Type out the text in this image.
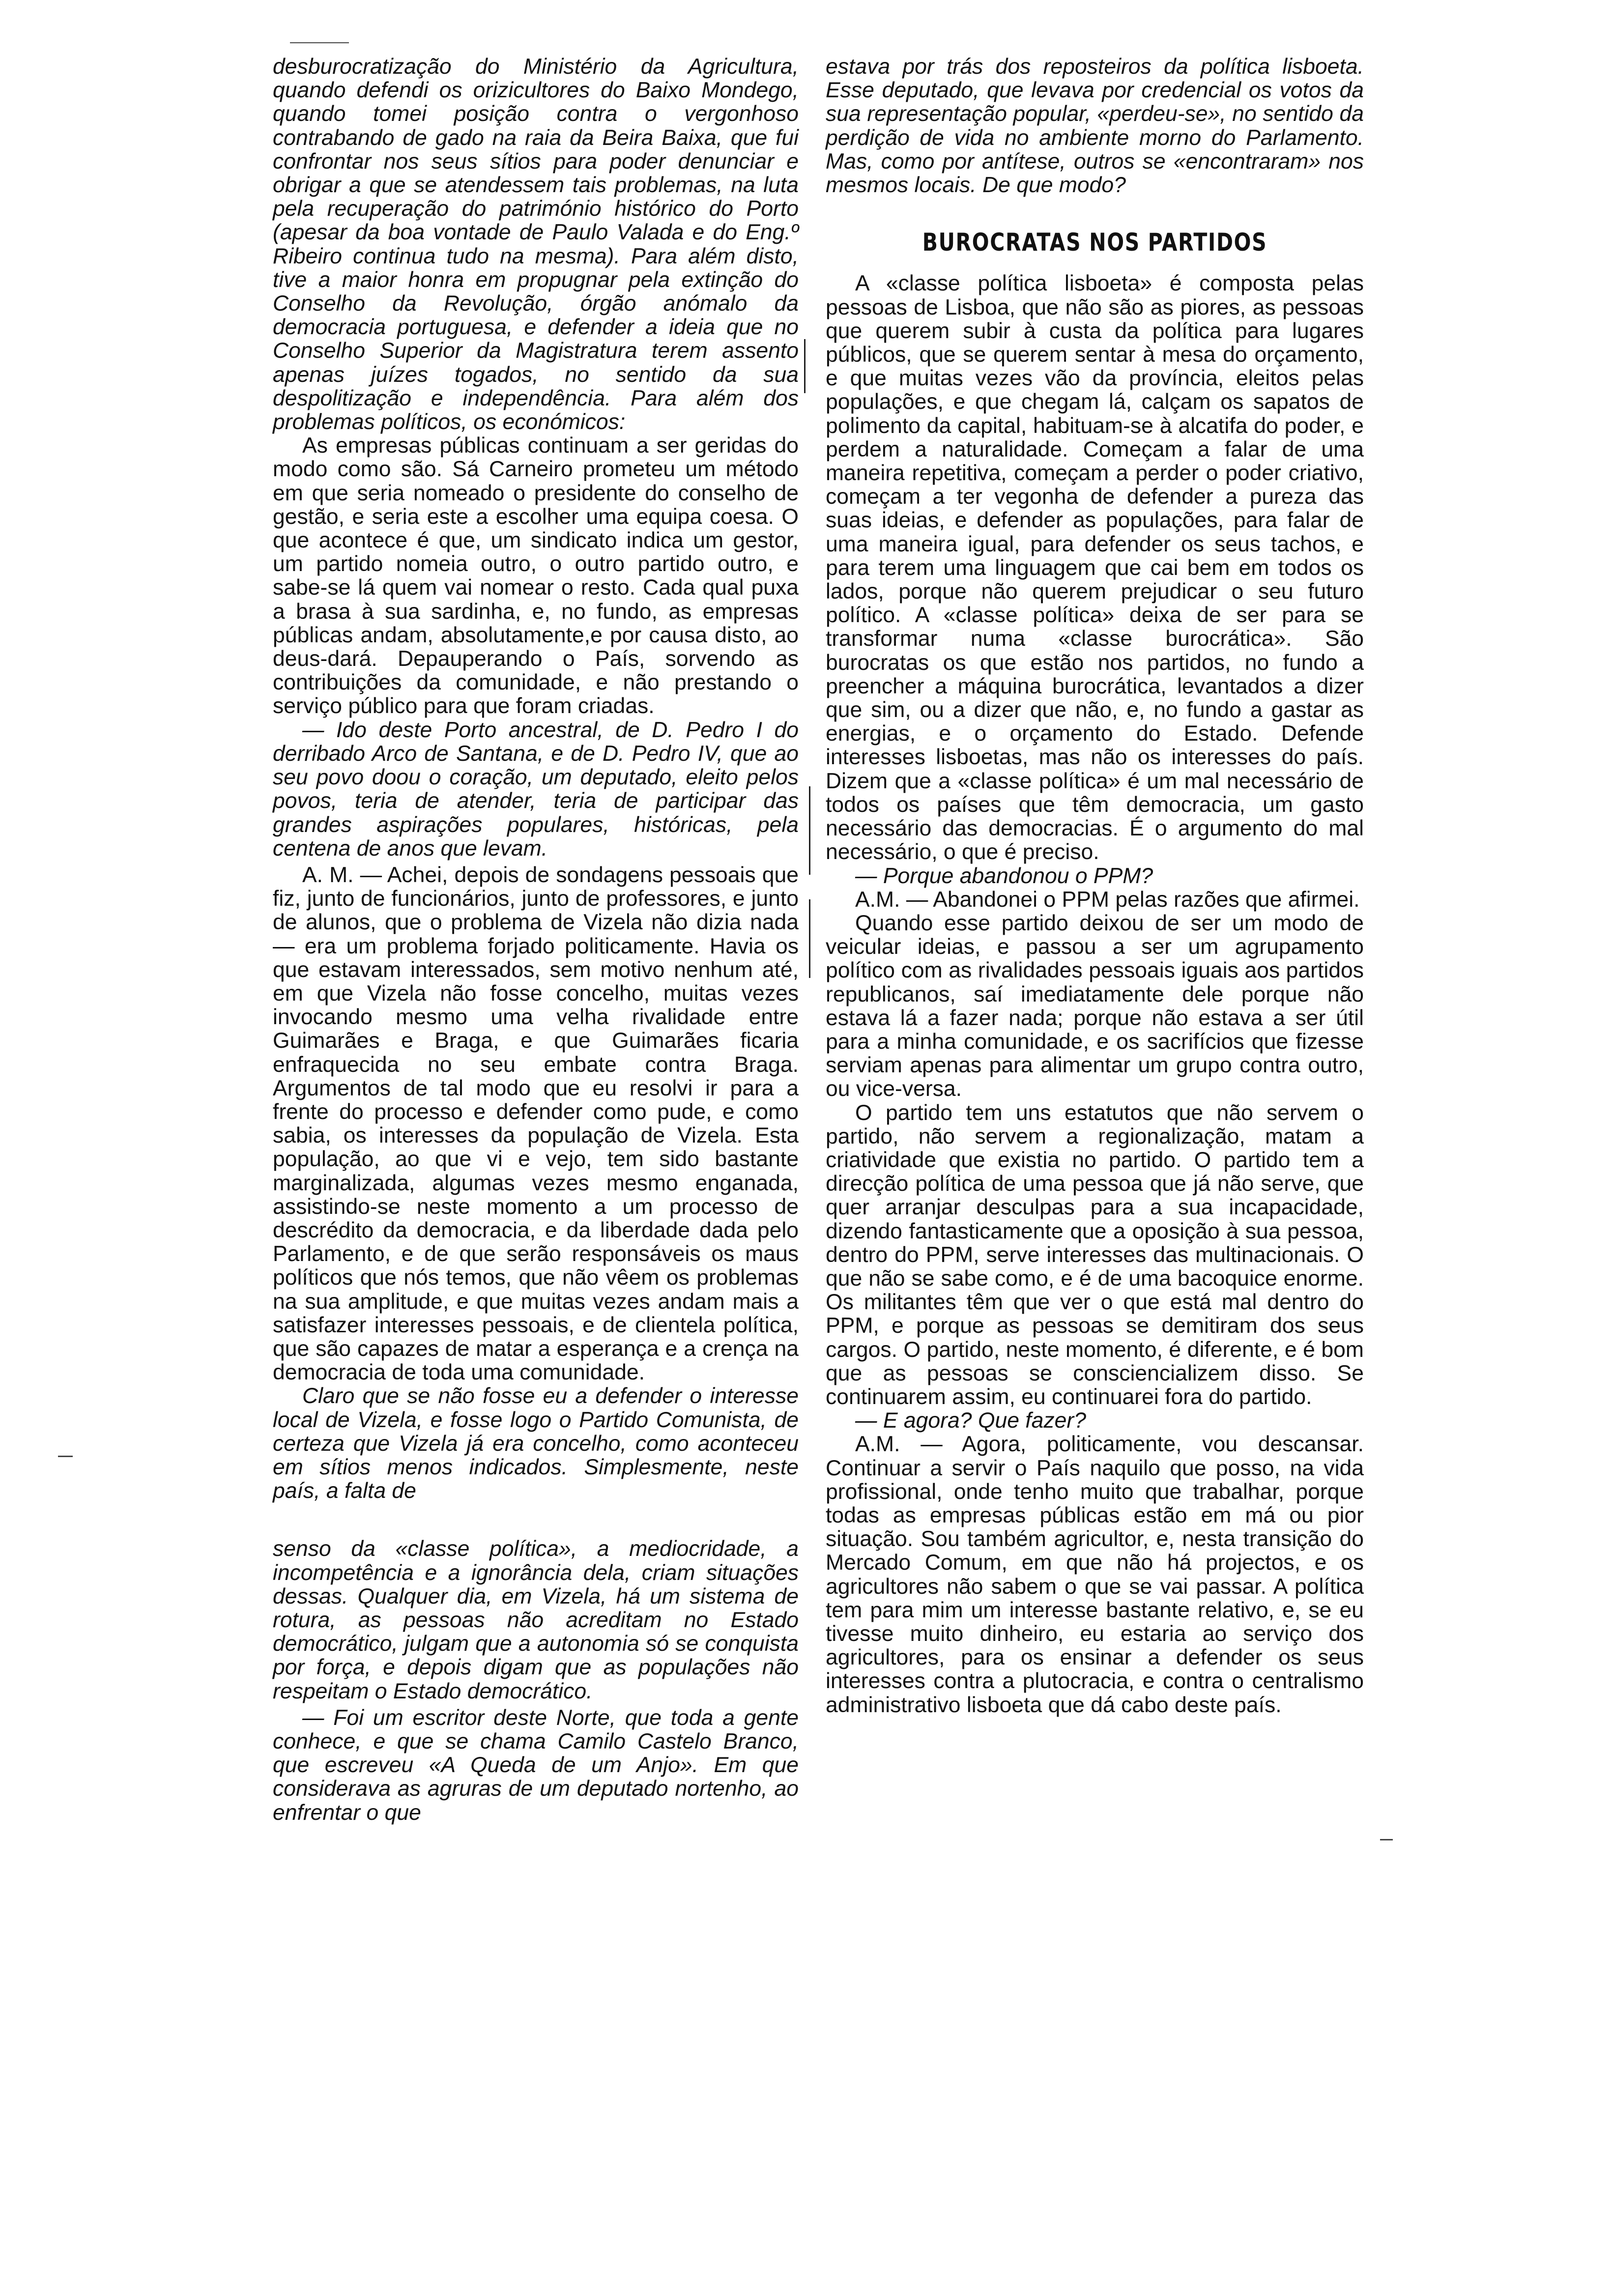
desburocratização do Ministério da Agricultura, quando defendi os orizicultores do Baixo Mondego, quando tomei posição contra o vergonhoso contrabando de gado na raia da Beira Baixa, que fui confrontar nos seus sítios para poder denunciar e obrigar a que se atendessem tais problemas, na luta pela recuperação do património histórico do Porto (apesar da boa vontade de Paulo Valada e do Eng.º Ribeiro continua tudo na mesma). Para além disto, tive a maior honra em propugnar pela extinção do Conselho da Revolução, órgão anómalo da democracia portuguesa, e defender a ideia que no Conselho Superior da Magistratura terem assento apenas juízes togados, no sentido da sua despolitização e independência. Para além dos problemas políticos, os económicos:

As empresas públicas continuam a ser geridas do modo como são. Sá Carneiro prometeu um método em que seria nomeado o presidente do conselho de gestão, e seria este a escolher uma equipa coesa. O que acontece é que, um sindicato indica um gestor, um partido nomeia outro, o outro partido outro, e sabe-se lá quem vai nomear o resto. Cada qual puxa a brasa à sua sardinha, e, no fundo, as empresas públicas andam, absolutamente,e por causa disto, ao deus-dará. Depauperando o País, sorvendo as contribuições da comunidade, e não prestando o serviço público para que foram criadas.

— Ido deste Porto ancestral, de D. Pedro I do derribado Arco de Santana, e de D. Pedro IV, que ao seu povo doou o coração, um deputado, eleito pelos povos, teria de atender, teria de participar das grandes aspirações populares, históricas, pela centena de anos que levam.

A. M. — Achei, depois de sondagens pessoais que fiz, junto de funcionários, junto de professores, e junto de alunos, que o problema de Vizela não dizia nada — era um problema forjado politicamente. Havia os que estavam interessados, sem motivo nenhum até, em que Vizela não fosse concelho, muitas vezes invocando mesmo uma velha rivalidade entre Guimarães e Braga, e que Guimarães ficaria enfraquecida no seu embate contra Braga. Argumentos de tal modo que eu resolvi ir para a frente do processo e defender como pude, e como sabia, os interesses da população de Vizela. Esta população, ao que vi e vejo, tem sido bastante marginalizada, algumas vezes mesmo enganada, assistindo-se neste momento a um processo de descrédito da democracia, e da liberdade dada pelo Parlamento, e de que serão responsáveis os maus políticos que nós temos, que não vêem os problemas na sua amplitude, e que muitas vezes andam mais a satisfazer interesses pessoais, e de clientela política, que são capazes de matar a esperança e a crença na democracia de toda uma comunidade.

Claro que se não fosse eu a defender o interesse local de Vizela, e fosse logo o Partido Comunista, de certeza que Vizela já era concelho, como aconteceu em sítios menos indicados. Simplesmente, neste país, a falta de

senso da «classe política», a mediocridade, a incompetência e a ignorância dela, criam situações dessas. Qualquer dia, em Vizela, há um sistema de rotura, as pessoas não acreditam no Estado democrático, julgam que a autonomia só se conquista por força, e depois digam que as populações não respeitam o Estado democrático.

— Foi um escritor deste Norte, que toda a gente conhece, e que se chama Camilo Castelo Branco, que escreveu «A Queda de um Anjo». Em que considerava as agruras de um deputado nortenho, ao enfrentar o que

estava por trás dos reposteiros da política lisboeta. Esse deputado, que levava por credencial os votos da sua representação popular, «perdeu-se», no sentido da perdição de vida no ambiente morno do Parlamento. Mas, como por antítese, outros se «encontraram» nos mesmos locais. De que modo?

BUROCRATAS NOS PARTIDOS

A «classe política lisboeta» é composta pelas pessoas de Lisboa, que não são as piores, as pessoas que querem subir à custa da política para lugares públicos, que se querem sentar à mesa do orçamento, e que muitas vezes vão da província, eleitos pelas populações, e que chegam lá, calçam os sapatos de polimento da capital, habituam-se à alcatifa do poder, e perdem a naturalidade. Começam a falar de uma maneira repetitiva, começam a perder o poder criativo, começam a ter vegonha de defender a pureza das suas ideias, e defender as populações, para falar de uma maneira igual, para defender os seus tachos, e para terem uma linguagem que cai bem em todos os lados, porque não querem prejudicar o seu futuro político. A «classe política» deixa de ser para se transformar numa «classe burocrática». São burocratas os que estão nos partidos, no fundo a preencher a máquina burocrática, levantados a dizer que sim, ou a dizer que não, e, no fundo a gastar as energias, e o orçamento do Estado. Defende interesses lisboetas, mas não os interesses do país. Dizem que a «classe política» é um mal necessário de todos os países que têm democracia, um gasto necessário das democracias. É o argumento do mal necessário, o que é preciso.

— Porque abandonou o PPM?

A.M. — Abandonei o PPM pelas razões que afirmei.

Quando esse partido deixou de ser um modo de veicular ideias, e passou a ser um agrupamento político com as rivalidades pessoais iguais aos partidos republicanos, saí imediatamente dele porque não estava lá a fazer nada; porque não estava a ser útil para a minha comunidade, e os sacrifícios que fizesse serviam apenas para alimentar um grupo contra outro, ou vice-versa.

O partido tem uns estatutos que não servem o partido, não servem a regionalização, matam a criatividade que existia no partido. O partido tem a direcção política de uma pessoa que já não serve, que quer arranjar desculpas para a sua incapacidade, dizendo fantasticamente que a oposição à sua pessoa, dentro do PPM, serve interesses das multinacionais. O que não se sabe como, e é de uma bacoquice enorme. Os militantes têm que ver o que está mal dentro do PPM, e porque as pessoas se demitiram dos seus cargos. O partido, neste momento, é diferente, e é bom que as pessoas se consciencializem disso. Se continuarem assim, eu continuarei fora do partido.

— E agora? Que fazer?

A.M. — Agora, politicamente, vou descansar. Continuar a servir o País naquilo que posso, na vida profissional, onde tenho muito que trabalhar, porque todas as empresas públicas estão em má ou pior situação. Sou também agricultor, e, nesta transição do Mercado Comum, em que não há projectos, e os agricultores não sabem o que se vai passar. A política tem para mim um interesse bastante relativo, e, se eu tivesse muito dinheiro, eu estaria ao serviço dos agricultores, para os ensinar a defender os seus interesses contra a plutocracia, e contra o centralismo administrativo lisboeta que dá cabo deste país.
